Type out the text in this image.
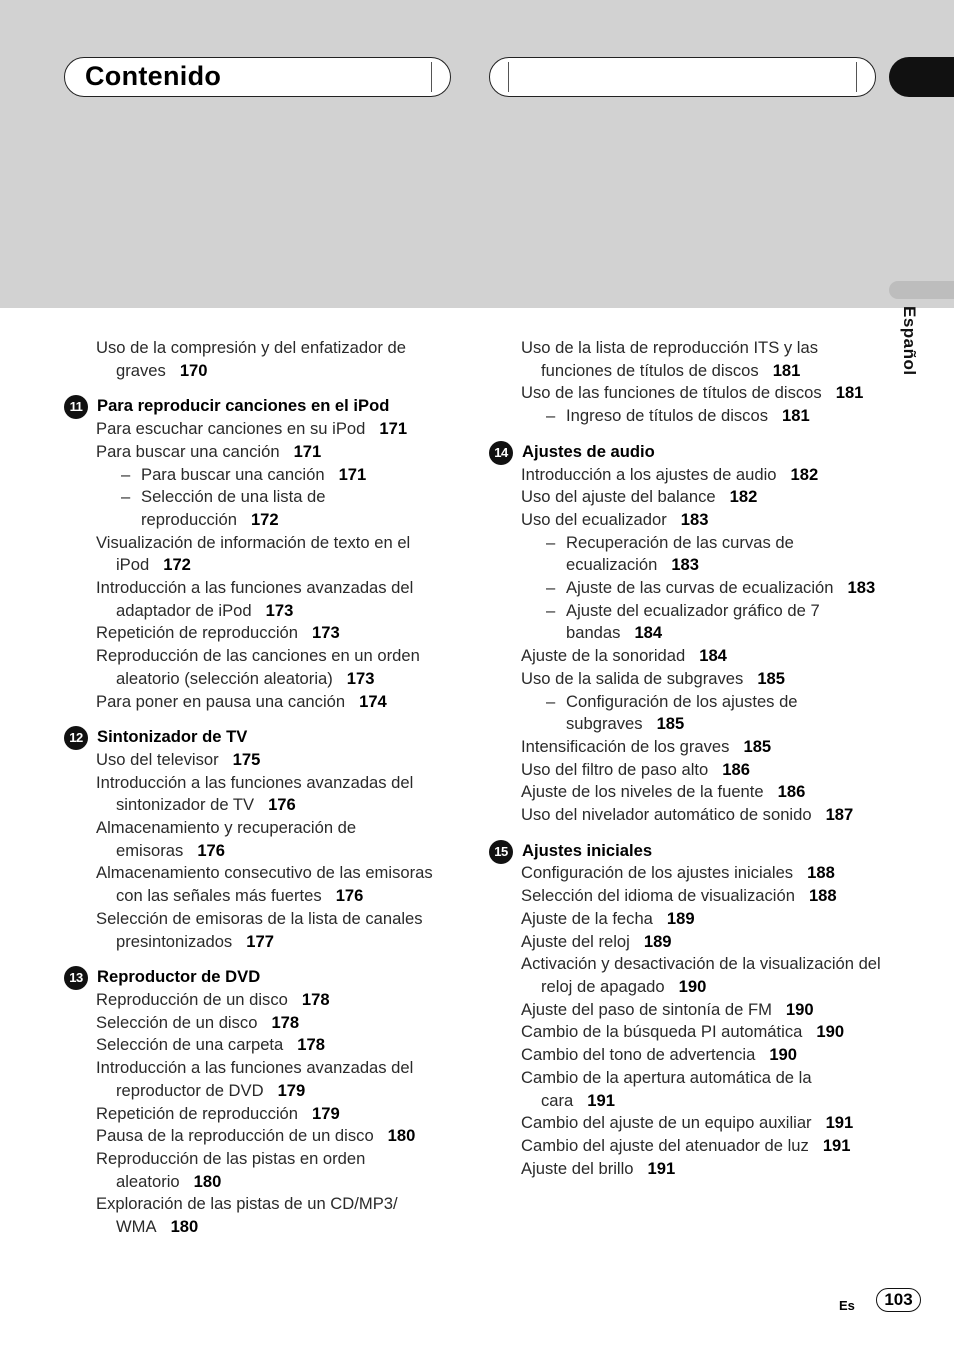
Contenido
Español
Uso de la compresión y del enfatizador de graves 170
11 Para reproducir canciones en el iPod
Para escuchar canciones en su iPod 171
Para buscar una canción 171
– Para buscar una canción 171
– Selección de una lista de reproducción 172
Visualización de información de texto en el iPod 172
Introducción a las funciones avanzadas del adaptador de iPod 173
Repetición de reproducción 173
Reproducción de las canciones en un orden aleatorio (selección aleatoria) 173
Para poner en pausa una canción 174
12 Sintonizador de TV
Uso del televisor 175
Introducción a las funciones avanzadas del sintonizador de TV 176
Almacenamiento y recuperación de emisoras 176
Almacenamiento consecutivo de las emisoras con las señales más fuertes 176
Selección de emisoras de la lista de canales presintonizados 177
13 Reproductor de DVD
Reproducción de un disco 178
Selección de un disco 178
Selección de una carpeta 178
Introducción a las funciones avanzadas del reproductor de DVD 179
Repetición de reproducción 179
Pausa de la reproducción de un disco 180
Reproducción de las pistas en orden aleatorio 180
Exploración de las pistas de un CD/MP3/ WMA 180
Uso de la lista de reproducción ITS y las funciones de títulos de discos 181
Uso de las funciones de títulos de discos 181
– Ingreso de títulos de discos 181
14 Ajustes de audio
Introducción a los ajustes de audio 182
Uso del ajuste del balance 182
Uso del ecualizador 183
– Recuperación de las curvas de ecualización 183
– Ajuste de las curvas de ecualización 183
– Ajuste del ecualizador gráfico de 7 bandas 184
Ajuste de la sonoridad 184
Uso de la salida de subgraves 185
– Configuración de los ajustes de subgraves 185
Intensificación de los graves 185
Uso del filtro de paso alto 186
Ajuste de los niveles de la fuente 186
Uso del nivelador automático de sonido 187
15 Ajustes iniciales
Configuración de los ajustes iniciales 188
Selección del idioma de visualización 188
Ajuste de la fecha 189
Ajuste del reloj 189
Activación y desactivación de la visualización del reloj de apagado 190
Ajuste del paso de sintonía de FM 190
Cambio de la búsqueda PI automática 190
Cambio del tono de advertencia 190
Cambio de la apertura automática de la cara 191
Cambio del ajuste de un equipo auxiliar 191
Cambio del ajuste del atenuador de luz 191
Ajuste del brillo 191
Es	103
